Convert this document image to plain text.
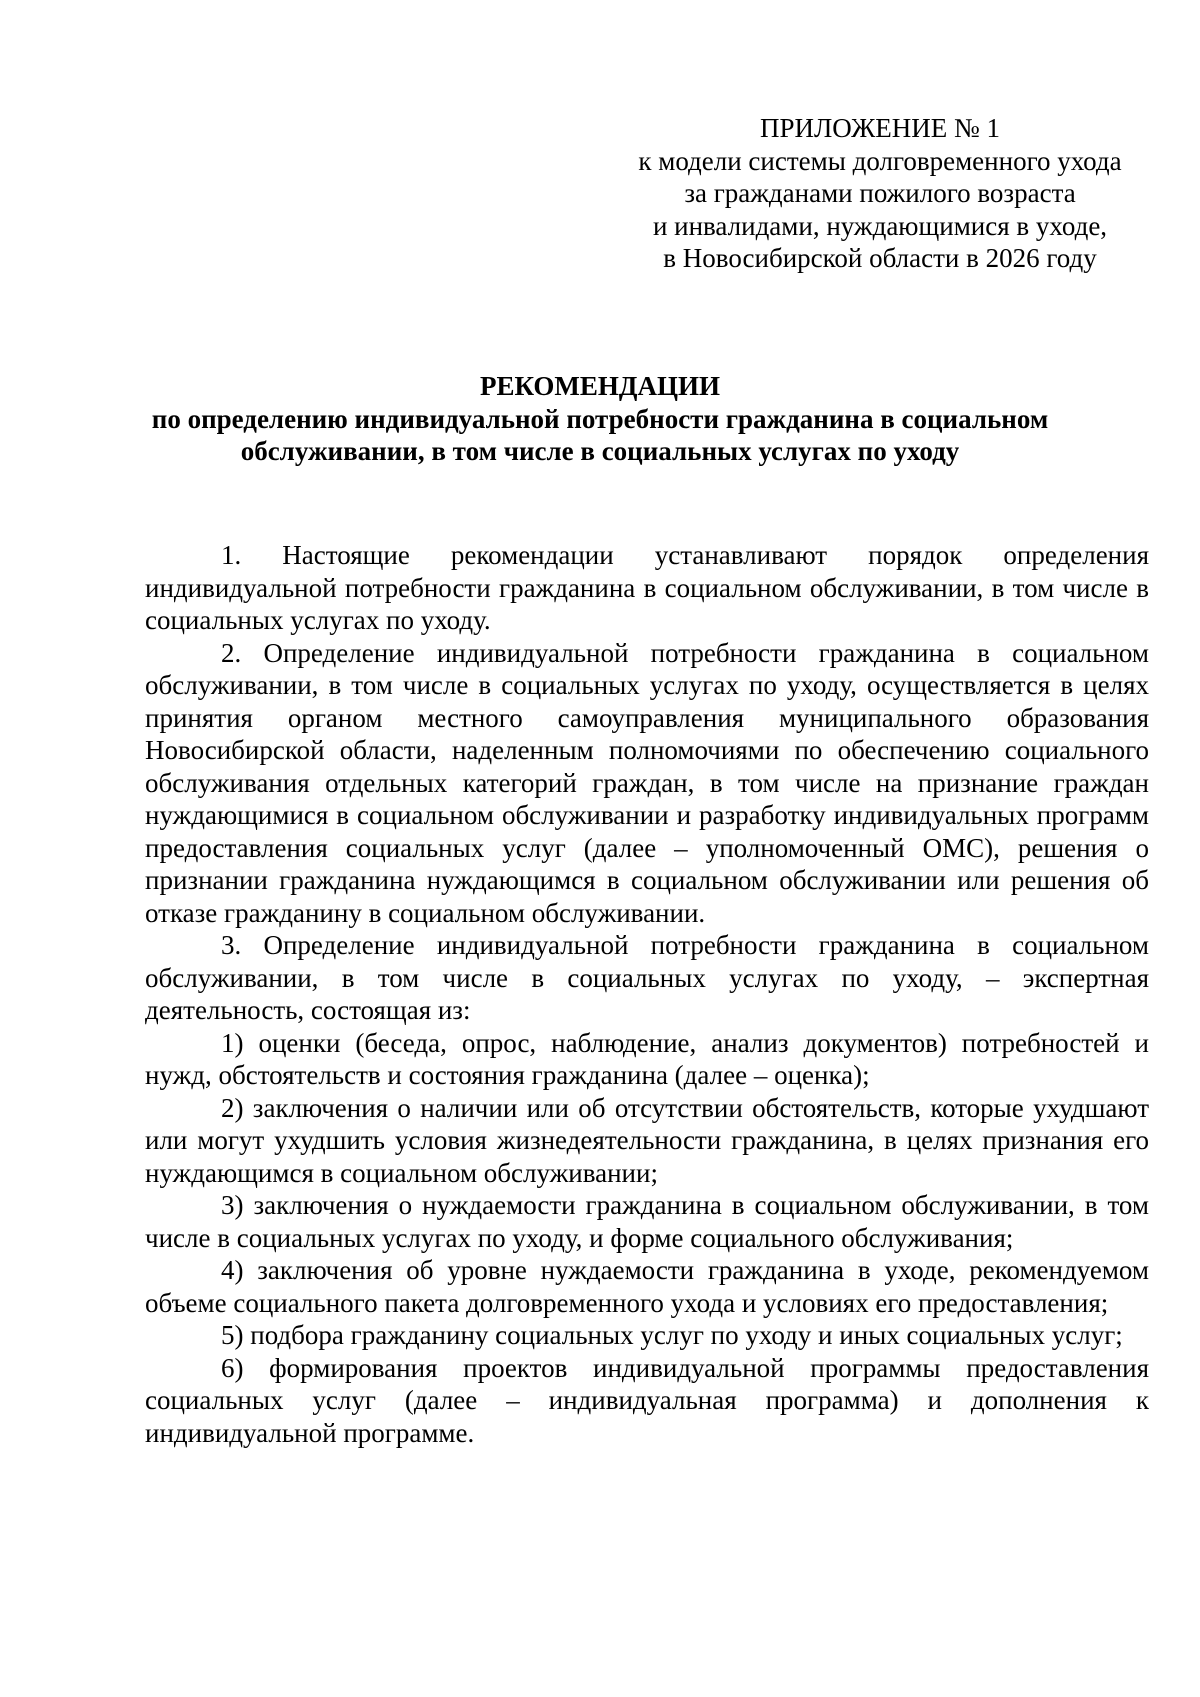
ПРИЛОЖЕНИЕ № 1
к модели системы долговременного ухода
за гражданами пожилого возраста
и инвалидами, нуждающимися в уходе,
в Новосибирской области в 2026 году
РЕКОМЕНДАЦИИ
по определению индивидуальной потребности гражданина в социальном
обслуживании, в том числе в социальных услугах по уходу

1. Настоящие рекомендации устанавливают порядок определения индивидуальной потребности гражданина в социальном обслуживании, в том числе в социальных услугах по уходу.

2. Определение индивидуальной потребности гражданина в социальном обслуживании, в том числе в социальных услугах по уходу, осуществляется в целях принятия органом местного самоуправления муниципального образования Новосибирской области, наделенным полномочиями по обеспечению социального обслуживания отдельных категорий граждан, в том числе на признание граждан нуждающимися в социальном обслуживании и разработку индивидуальных программ предоставления социальных услуг (далее – уполномоченный ОМС), решения о признании гражданина нуждающимся в социальном обслуживании или решения об отказе гражданину в социальном обслуживании.

3. Определение индивидуальной потребности гражданина в социальном обслуживании, в том числе в социальных услугах по уходу, – экспертная деятельность, состоящая из:

1) оценки (беседа, опрос, наблюдение, анализ документов) потребностей и нужд, обстоятельств и состояния гражданина (далее – оценка);

2) заключения о наличии или об отсутствии обстоятельств, которые ухудшают или могут ухудшить условия жизнедеятельности гражданина, в целях признания его нуждающимся в социальном обслуживании;

3) заключения о нуждаемости гражданина в социальном обслуживании, в том числе в социальных услугах по уходу, и форме социального обслуживания;

4) заключения об уровне нуждаемости гражданина в уходе, рекомендуемом объеме социального пакета долговременного ухода и условиях его предоставления;

5) подбора гражданину социальных услуг по уходу и иных социальных услуг;

6) формирования проектов индивидуальной программы предоставления социальных услуг (далее – индивидуальная программа) и дополнения к индивидуальной программе.
